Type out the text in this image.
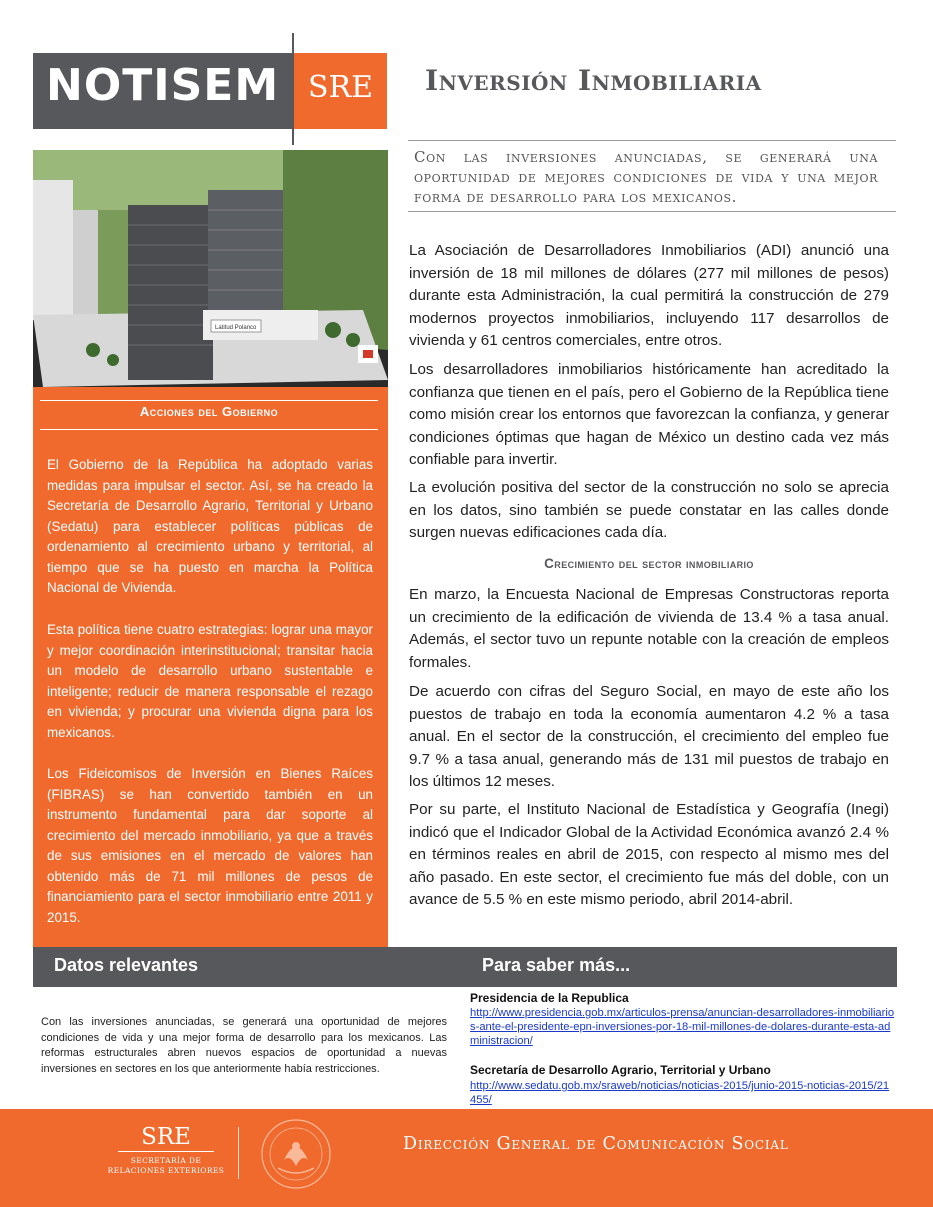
NOTISEM SRE	Inversión Inmobiliaria
Con las inversiones anunciadas, se generará una oportunidad de mejores condiciones de vida y una mejor forma de desarrollo para los mexicanos.
Latitud Polanco
Acciones del Gobierno
El Gobierno de la República ha adoptado varias medidas para impulsar el sector. Así, se ha creado la Secretaría de Desarrollo Agrario, Territorial y Urbano (Sedatu) para establecer políticas públicas de ordenamiento al crecimiento urbano y territorial, al tiempo que se ha puesto en marcha la Política Nacional de Vivienda.
Esta política tiene cuatro estrategias: lograr una mayor y mejor coordinación interinstitucional; transitar hacia un modelo de desarrollo urbano sustentable e inteligente; reducir de manera responsable el rezago en vivienda; y procurar una vivienda digna para los mexicanos.
Los Fideicomisos de Inversión en Bienes Raíces (FIBRAS) se han convertido también en un instrumento fundamental para dar soporte al crecimiento del mercado inmobiliario, ya que a través de sus emisiones en el mercado de valores han obtenido más de 71 mil millones de pesos de financiamiento para el sector inmobiliario entre 2011 y 2015.
La Asociación de Desarrolladores Inmobiliarios (ADI) anunció una inversión de 18 mil millones de dólares (277 mil millones de pesos) durante esta Administración, la cual permitirá la construcción de 279 modernos proyectos inmobiliarios, incluyendo 117 desarrollos de vivienda y 61 centros comerciales, entre otros.
Los desarrolladores inmobiliarios históricamente han acreditado la confianza que tienen en el país, pero el Gobierno de la República tiene como misión crear los entornos que favorezcan la confianza, y generar condiciones óptimas que hagan de México un destino cada vez más confiable para invertir.
La evolución positiva del sector de la construcción no solo se aprecia en los datos, sino también se puede constatar en las calles donde surgen nuevas edificaciones cada día.
Crecimiento del sector inmobiliario
En marzo, la Encuesta Nacional de Empresas Constructoras reporta un crecimiento de la edificación de vivienda de 13.4 % a tasa anual. Además, el sector tuvo un repunte notable con la creación de empleos formales.
De acuerdo con cifras del Seguro Social, en mayo de este año los puestos de trabajo en toda la economía aumentaron 4.2 % a tasa anual. En el sector de la construcción, el crecimiento del empleo fue 9.7 % a tasa anual, generando más de 131 mil puestos de trabajo en los últimos 12 meses.
Por su parte, el Instituto Nacional de Estadística y Geografía (Inegi) indicó que el Indicador Global de la Actividad Económica avanzó 2.4 % en términos reales en abril de 2015, con respecto al mismo mes del año pasado. En este sector, el crecimiento fue más del doble, con un avance de 5.5 % en este mismo periodo, abril 2014-abril.
Datos relevantes	Para saber más...
Con las inversiones anunciadas, se generará una oportunidad de mejores condiciones de vida y una mejor forma de desarrollo para los mexicanos. Las reformas estructurales abren nuevos espacios de oportunidad a nuevas inversiones en sectores en los que anteriormente había restricciones.
Presidencia de la Republica
http://www.presidencia.gob.mx/articulos-prensa/anuncian-desarrolladores-inmobiliarios-ante-el-presidente-epn-inversiones-por-18-mil-millones-de-dolares-durante-esta-administracion/
Secretaría de Desarrollo Agrario, Territorial y Urbano
http://www.sedatu.gob.mx/sraweb/noticias/noticias-2015/junio-2015-noticias-2015/21455/
SRE
SECRETARÍA DE
RELACIONES EXTERIORES
Dirección General de Comunicación Social
